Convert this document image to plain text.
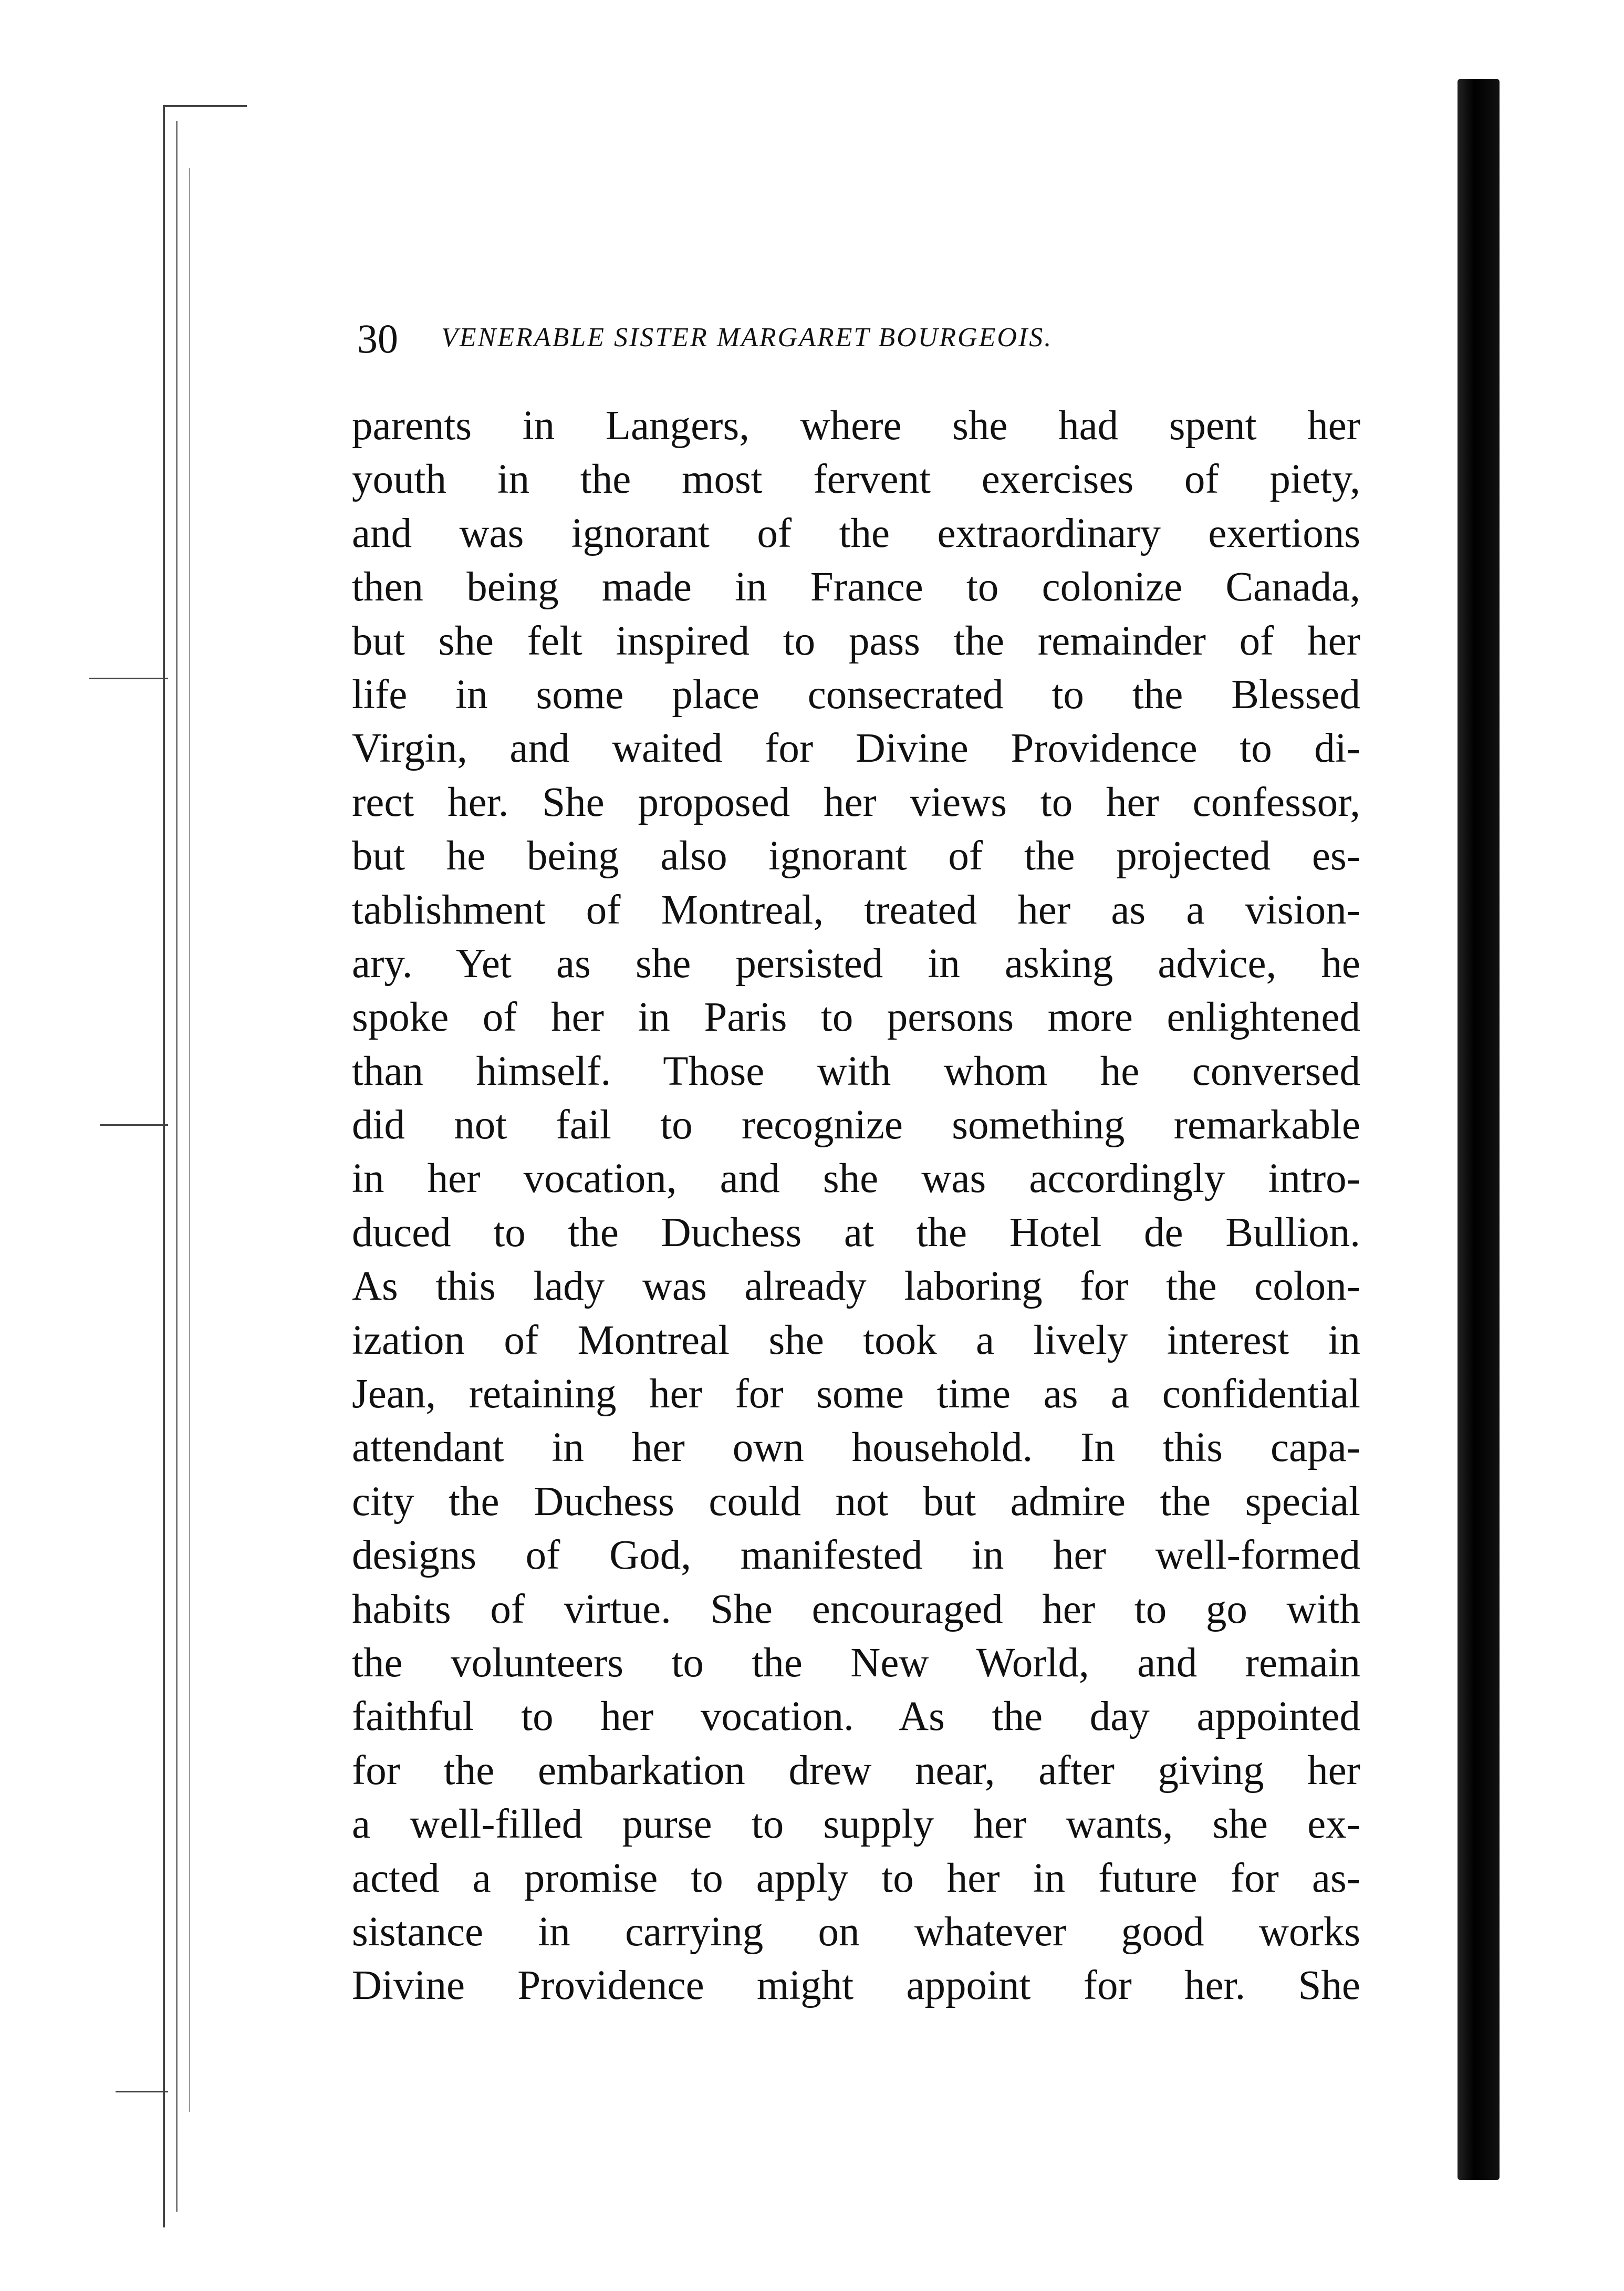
30 VENERABLE SISTER MARGARET BOURGEOIS.
parents in Langers, where she had spent her
youth in the most fervent exercises of piety,
and was ignorant of the extraordinary exertions
then being made in France to colonize Canada,
but she felt inspired to pass the remainder of her
life in some place consecrated to the Blessed
Virgin, and waited for Divine Providence to di-
rect her. She proposed her views to her confessor,
but he being also ignorant of the projected es-
tablishment of Montreal, treated her as a vision-
ary. Yet as she persisted in asking advice, he
spoke of her in Paris to persons more enlightened
than himself. Those with whom he conversed
did not fail to recognize something remarkable
in her vocation, and she was accordingly intro-
duced to the Duchess at the Hotel de Bullion.
As this lady was already laboring for the colon-
ization of Montreal she took a lively interest in
Jean, retaining her for some time as a confidential
attendant in her own household. In this capa-
city the Duchess could not but admire the special
designs of God, manifested in her well-formed
habits of virtue. She encouraged her to go with
the volunteers to the New World, and remain
faithful to her vocation. As the day appointed
for the embarkation drew near, after giving her
a well-filled purse to supply her wants, she ex-
acted a promise to apply to her in future for as-
sistance in carrying on whatever good works
Divine Providence might appoint for her. She
